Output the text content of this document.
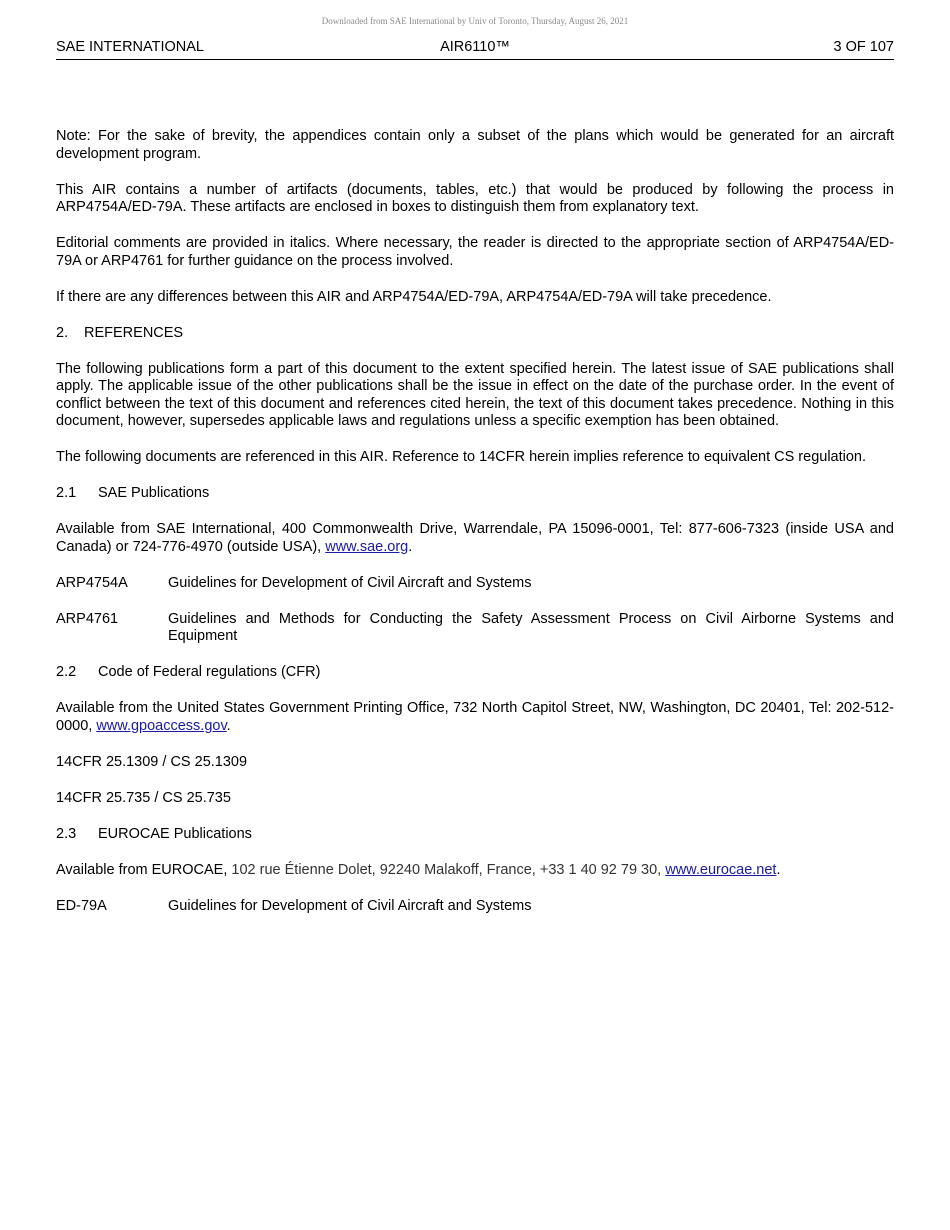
Downloaded from SAE International by Univ of Toronto, Thursday, August 26, 2021
SAE INTERNATIONAL	AIR6110™	3 OF 107

Note: For the sake of brevity, the appendices contain only a subset of the plans which would be generated for an aircraft development program.

This AIR contains a number of artifacts (documents, tables, etc.) that would be produced by following the process in ARP4754A/ED-79A. These artifacts are enclosed in boxes to distinguish them from explanatory text.

Editorial comments are provided in italics. Where necessary, the reader is directed to the appropriate section of ARP4754A/ED-79A or ARP4761 for further guidance on the process involved.

If there are any differences between this AIR and ARP4754A/ED-79A, ARP4754A/ED-79A will take precedence.

2. REFERENCES

The following publications form a part of this document to the extent specified herein. The latest issue of SAE publications shall apply. The applicable issue of the other publications shall be the issue in effect on the date of the purchase order. In the event of conflict between the text of this document and references cited herein, the text of this document takes precedence. Nothing in this document, however, supersedes applicable laws and regulations unless a specific exemption has been obtained.

The following documents are referenced in this AIR. Reference to 14CFR herein implies reference to equivalent CS regulation.

2.1 SAE Publications

Available from SAE International, 400 Commonwealth Drive, Warrendale, PA 15096-0001, Tel: 877-606-7323 (inside USA and Canada) or 724-776-4970 (outside USA), www.sae.org.

ARP4754A	Guidelines for Development of Civil Aircraft and Systems
ARP4761	Guidelines and Methods for Conducting the Safety Assessment Process on Civil Airborne Systems and Equipment
2.2 Code of Federal regulations (CFR)

Available from the United States Government Printing Office, 732 North Capitol Street, NW, Washington, DC 20401, Tel: 202-512-0000, www.gpoaccess.gov.

14CFR 25.1309 / CS 25.1309

14CFR 25.735 / CS 25.735

2.3 EUROCAE Publications

Available from EUROCAE, 102 rue Étienne Dolet, 92240 Malakoff, France, +33 1 40 92 79 30, www.eurocae.net.

ED-79A	Guidelines for Development of Civil Aircraft and Systems
